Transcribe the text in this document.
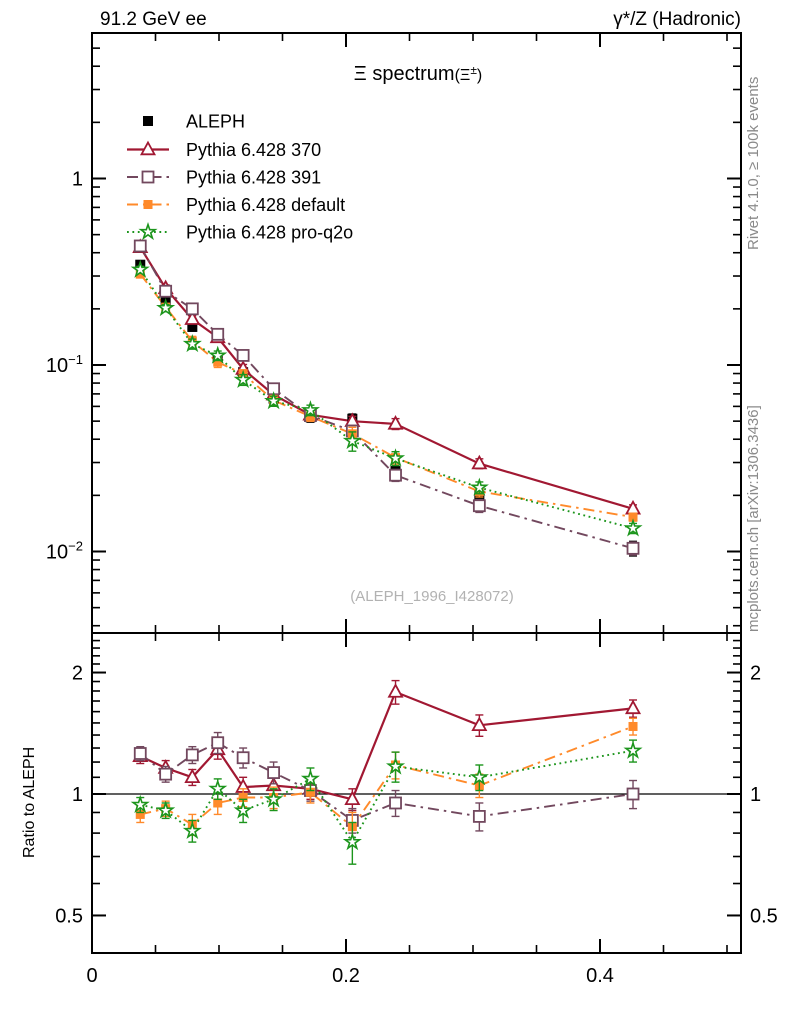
91.2 GeV ee	γ*/Z (Hadronic)
(ALEPH_1996_I428072)
Rivet 4.1.0, ≥ 100k events
mcplots.cern.ch [arXiv:1306.3436]
Ratio to ALEPH
0	0.2	0.4
1
$10^{-1}$
$10^{-2}$
2	2
1	1
0.5	0.5
Ξ $spectrum(\Xi^\pm_)$
ALEPH
Pythia 6.428 370
Pythia 6.428 391
Pythia 6.428 default
Pythia 6.428 pro-q2o
